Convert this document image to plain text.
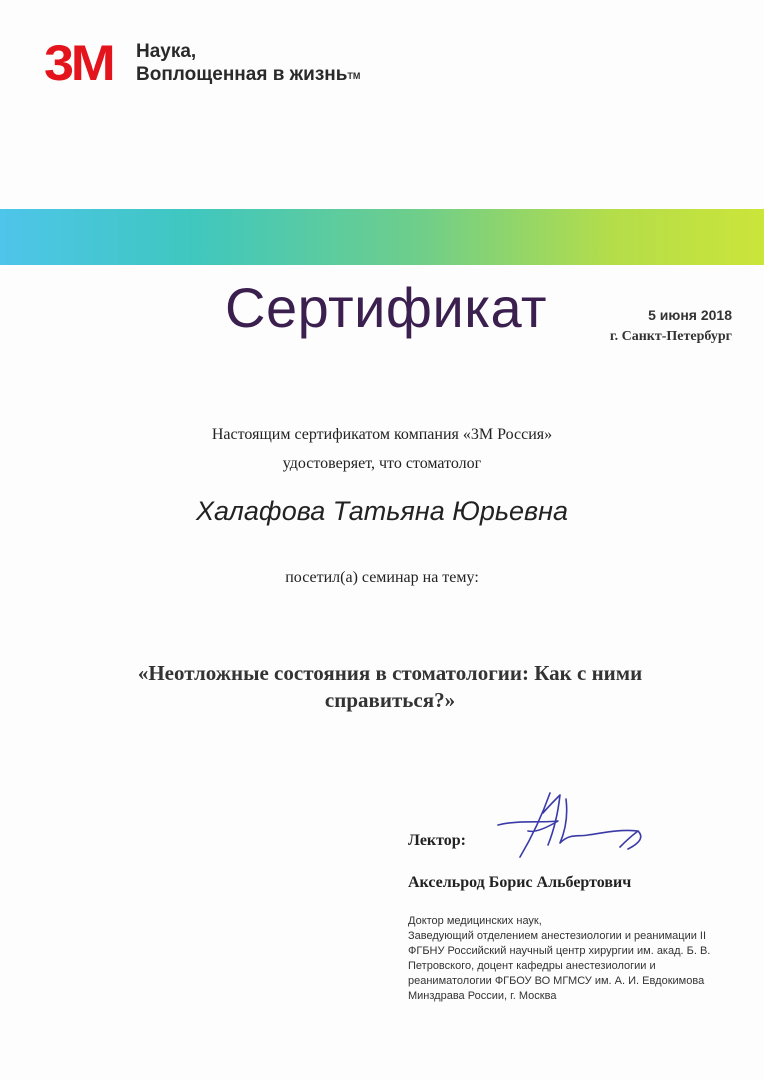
3M Наука,
Воплощенная в жизнь™
Сертификат	5 июня 2018
г. Санкт-Петербург
Настоящим сертификатом компания «3М Россия»
удостоверяет, что стоматолог
Халафова Татьяна Юрьевна
посетил(а) семинар на тему:
«Неотложные состояния в стоматологии: Как с ними
справиться?»
Лектор:
Аксельрод Борис Альбертович
Доктор медицинских наук,
Заведующий отделением анестезиологии и реанимации II
ФГБНУ Российский научный центр хирургии им. акад. Б. В.
Петровского, доцент кафедры анестезиологии и
реаниматологии ФГБОУ ВО МГМСУ им. А. И. Евдокимова
Минздрава России, г. Москва
